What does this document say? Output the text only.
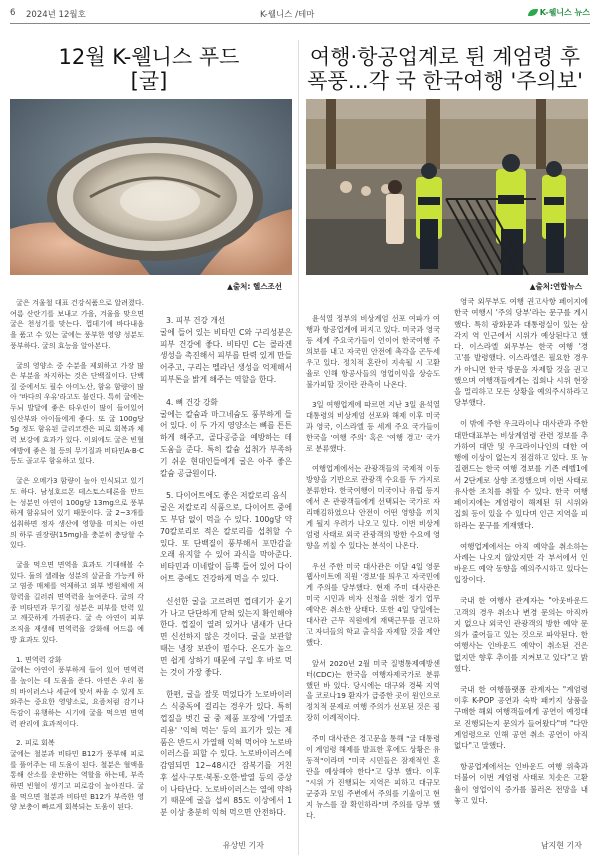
6 2024년 12월호	K-웰니스 /테마	K-웰니스 뉴스
12월 K-웰니스 푸드
[굴]
▲출처: 헬스조선

굴은 겨울철 대표 건강식품으로 알려졌다. 여름 산란기를 보내고 가을, 겨울을 맞으면 굴은 천성기를 맞는다. 껍데기에 바다내음을 품고 수 있는 굴에는 풍부한 영양 성분도 풍부하다. 굴의 효능을 알아본다.

굴의 영양소 중 수분을 제외하고 가장 많은 부분을 차지하는 것은 단백질이다. 단백질 중에서도 필수 아미노산, 함유 함량이 많아 '바다의 우유'라고도 불린다. 특히 굴에는 두뇌 발달에 좋은 타우린이 많이 들어있어 임산부와 아이들에게 좋다. 또 굴 100g당 5g 정도 함유된 글리코겐은 피로 회복과 체력 보강에 효과가 있다. 이외에도 굴은 빈혈 예방에 좋은 철 등의 무기질과 비타민A·B·C 등도 골고루 함유하고 있다.

굴은 오메가3 함량이 높아 인식되고 있기도 하다. 남성호르몬 테스토스테론을 만드는 성분인 아연이 100g당 13mg으로 풍부하게 함유되어 있기 때문이다. 굴 2~3개를 섭취하면 정자 생산에 영향을 미치는 아연의 하루 권장량(15mg)을 충분히 충당할 수 있다.

굴을 먹으면 면역을 효과도 기대해볼 수 있다. 둘의 셀레늄 성분의 살균을 가능케 하고 염증 매체를 억제하고 외부 병원체에 저항력을 길러줘 면역력을 높여준다. 굴의 각종 비타민과 무기질 성분은 피부를 탄력 있고 깨끗하게 가꿔준다. 굴 속 아연이 피부 조직을 재생해 면역력을 강화해 여드름 예방 효과도 있다.

1. 면역력 강화
굴에는 아연이 풍부하게 들어 있어 면역력을 높이는 데 도움을 준다. 아연은 우리 몸의 바이러스나 세균에 맞서 싸울 수 있게 도와주는 중요한 영양소로, 요즘처럼 감기나 독감이 유행하는 시기에 굴을 먹으면 면역력 관리에 효과적이다.

2. 피로 회복
굴에는 철분과 비타민 B12가 풍부해 피로를 풀어주는 데 도움이 된다. 철분은 혈액을 통해 산소를 운반하는 역할을 하는데, 부족하면 빈혈이 생기고 피로감이 높아진다. 굴을 먹으면 철분과 비타민 B12가 부족한 영양 보충이 빠르게 회복되는 도움이 된다.

3. 피부 건강 개선
굴에 들어 있는 비타민 C와 구리성분은 피부 건강에 좋다. 비타민 C는 콜라겐 생성을 촉진해서 피부를 탄력 있게 만들어주고, 구리는 멜라닌 생성을 억제해서 피부톤을 밝게 해주는 역할을 한다.

4. 뼈 건강 강화
굴에는 칼슘과 마그네슘도 풍부하게 들어 있다. 이 두 가지 영양소는 뼈를 튼튼하게 해주고, 골다공증을 예방하는 데 도움을 준다. 특히 칼슘 섭취가 부족하기 쉬운 현대인들에게 굴은 아주 좋은 칼슘 공급원이다.

5. 다이어트에도 좋은 저칼로리 음식
굴은 저칼로리 식품으로, 다이어트 중에도 부담 없이 먹을 수 있다. 100g당 약 70칼로리로 적은 칼로리를 섭취할 수 있다. 또 단백질이 풍부해서 포만감을 오래 유지할 수 있어 과식을 막아준다. 비타민과 미네랄이 듬뿍 들어 있어 다이어트 중에도 건강하게 먹을 수 있다.

신선한 굴을 고르려면 껍데기가 윤기가 나고 단단하게 닫혀 있는지 확인해야 한다. 껍질이 열려 있거나 냄새가 난다면 신선하지 않은 것이다. 굴을 보관할 때는 냉장 보관이 필수다. 온도가 높으면 쉽게 상하기 때문에 구입 후 바로 먹는 것이 가장 좋다.

한편, 굴을 잘못 먹었다가 노로바이러스 식중독에 걸리는 경우가 있다. 특히 껍질을 벗긴 굴 중 제품 포장에 '가열조리용' '익혀 먹는' 등의 표기가 있는 제품은 반드시 가열해 익혀 먹어야 노로바이러스를 피할 수 있다. 노로바이러스에 감염되면 12~48시간 잠복기를 거친 후 설사·구토·복통·오한·발열 등의 증상이 나타난다. 노로바이러스는 열에 약하기 때문에 굴을 섭씨 85도 이상에서 1분 이상 충분히 익혀 먹으면 안전하다.

유상빈 기자
여행·항공업계로 튄 계엄령 후
폭풍…각 국 한국여행 '주의보'
▲출처:연합뉴스

윤석열 정부의 비상계엄 선포 여파가 여행과 항공업계에 퍼지고 있다. 미국과 영국 등 세계 주요국가들이 언이어 한국여행 주의보를 내고 자국민 안전에 촉각을 곤두세우고 있다. 정치적 혼란이 지속될 시 고환율로 인해 항공사들의 영업이익을 상승도 불가피할 것이란 관측이 나온다.

3일 여행업계에 따르면 지난 3일 윤석열 대통령의 비상계엄 선포와 해제 이후 미국과 영국, 이스라엘 등 세계 주요 국가들이 한국을 '여행 주의' 혹은 '여행 경고' 국가로 분류했다.

여행업계에서는 관광객들의 국제적 이동 방향을 기반으로 관광객 수요를 두 가지로 분류한다. 한국여행이 미국이나 유럽 등지에서 온 관광객들에게 선택되는 국가로 자리매김하였으나 안전이 어떤 영향을 끼치게 될지 우려가 나오고 있다. 이번 비상계엄령 사태로 외국 관광객의 방한 수요에 영향을 끼칠 수 있다는 분석이 나온다.

우선 주한 미국 대사관은 이달 4일 영문 웹사이트에 직원 '경보'를 띄우고 자국민에게 주의를 당부했다. 현재 주미 대사관은 미국 시민과 비자 신청을 위한 정기 업무 예약은 취소한 상태다. 또한 4일 당일에는 대사관 근무 직원에게 재택근무를 권고하고 자녀들의 학교 출석을 자제할 것을 제안했다.

앞서 2020년 2월 미국 질병통제예방센터(CDC)는 한국을 여행자제국가로 분류했던 바 있다. 당시에는 대구와 경북 지역을 코로나19 환자가 급증한 곳이 원인으로 정치적 문제로 여행 주의가 선포된 것은 굉장히 이례적이다.

주미 대사관은 경고문을 통해 "굴 대통령이 계엄령 해제를 발표한 후에도 상황은 유동적"이라며 "미국 시민들은 잠재적인 혼란을 예상해야 한다"고 당부 했다. 이후 "시위 가 진행되는 지역은 피하고 대규모 군중과 모임 주변에서 주의를 기울이고 현지 뉴스를 잘 확인하라"며 주의를 당부 했다.

영국 외무부도 여행 권고사항 페이지에 한국 여행시 '주의 당부'라는 문구를 게시했다. 특히 광화문과 대통령실이 있는 삼각지 역 인근에서 시위가 예상된다고 했다. 이스라엘 외무부는 한국 여행 '경고'를 발령했다. 이스라엘은 필요한 경우가 아니면 한국 방문을 자제할 것을 권고했으며 여행객들에게는 집회나 시위 현장을 멀리하고 모든 상황을 예의주시하라고 당부했다.

이 밖에 주한 우크라이나 대사관과 주한 대만대표부는 비상계엄령 관련 정보를 추가하여 대만 및 우크라이나인의 대한 여행에 이상이 없는지 점검하고 있다. 또 뉴질랜드는 한국 여행 경보를 기존 레벨1에서 2단계로 상향 조정했으며 이번 사태로 유사한 조치를 취할 수 있다. 한국 여행 페이지에는 계엄령이 해제된 뒤 시위와 집회 등이 있을 수 있다며 인근 지역을 피하라는 문구를 게재했다.

여행업계에서는 아직 예약을 취소하는 사례는 나오지 않았지만 각 부서에서 인바운드 예약 동향을 예의주시하고 있다는 입장이다.

국내 한 여행사 관계자는 "아웃바운드 고객의 경우 취소나 변경 문의는 아직까지 없으나 외국인 관광객의 방한 예약 문의가 줄어들고 있는 것으로 파악된다. 한 여행사는 인바운드 예약이 취소된 건은 없지만 향후 추이를 지켜보고 있다"고 밝혔다.

국내 한 여행플랫폼 관계자는 "계엄령 이후 K-POP 공연과 숙박 패키지 상품을 구매한 해외 여행객들에게 공연이 예정대로 진행되는지 문의가 들어왔다"며 "다만 계엄령으로 인해 공연 취소 공연이 아직 없다"고 말했다.

항공업계에서는 인바운드 여행 위축과 더불어 이번 계엄령 사태로 치솟은 고환율이 영업이익 증가를 불러온 전망을 내놓고 있다.

남지현 기자
